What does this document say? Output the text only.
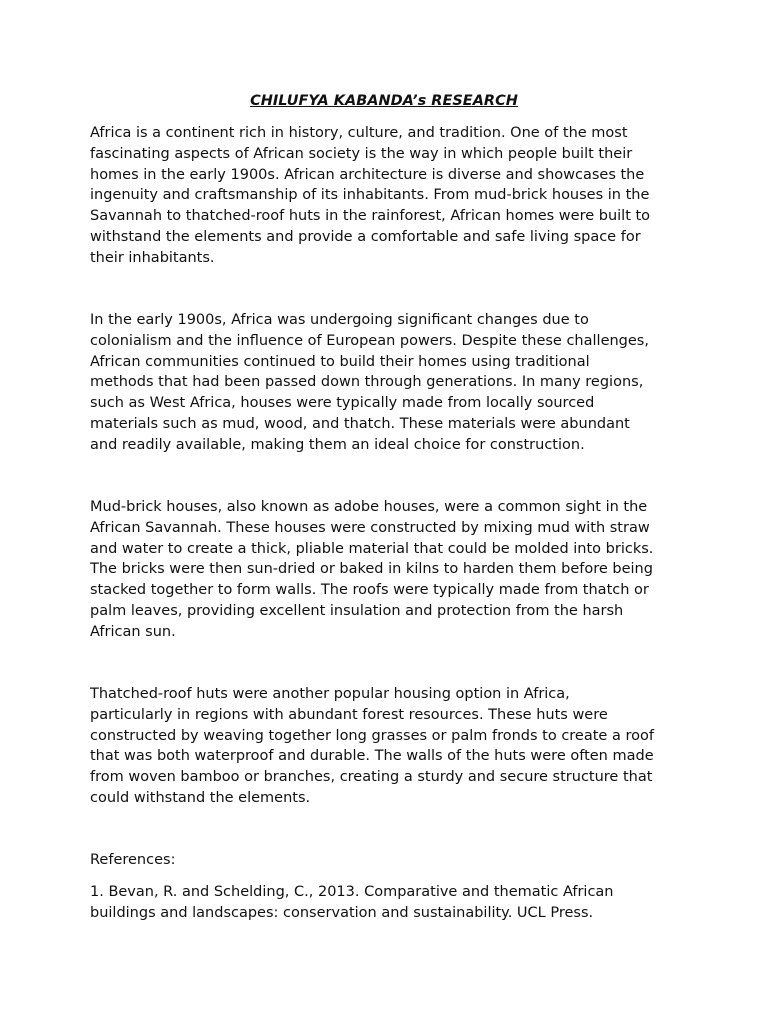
CHILUFYA KABANDA’s RESEARCH

Africa is a continent rich in history, culture, and tradition. One of the most
fascinating aspects of African society is the way in which people built their
homes in the early 1900s. African architecture is diverse and showcases the
ingenuity and craftsmanship of its inhabitants. From mud-brick houses in the
Savannah to thatched-roof huts in the rainforest, African homes were built to
withstand the elements and provide a comfortable and safe living space for
their inhabitants.

In the early 1900s, Africa was undergoing significant changes due to
colonialism and the influence of European powers. Despite these challenges,
African communities continued to build their homes using traditional
methods that had been passed down through generations. In many regions,
such as West Africa, houses were typically made from locally sourced
materials such as mud, wood, and thatch. These materials were abundant
and readily available, making them an ideal choice for construction.

Mud-brick houses, also known as adobe houses, were a common sight in the
African Savannah. These houses were constructed by mixing mud with straw
and water to create a thick, pliable material that could be molded into bricks.
The bricks were then sun-dried or baked in kilns to harden them before being
stacked together to form walls. The roofs were typically made from thatch or
palm leaves, providing excellent insulation and protection from the harsh
African sun.

Thatched-roof huts were another popular housing option in Africa,
particularly in regions with abundant forest resources. These huts were
constructed by weaving together long grasses or palm fronds to create a roof
that was both waterproof and durable. The walls of the huts were often made
from woven bamboo or branches, creating a sturdy and secure structure that
could withstand the elements.

References:

1. Bevan, R. and Schelding, C., 2013. Comparative and thematic African
buildings and landscapes: conservation and sustainability. UCL Press.
